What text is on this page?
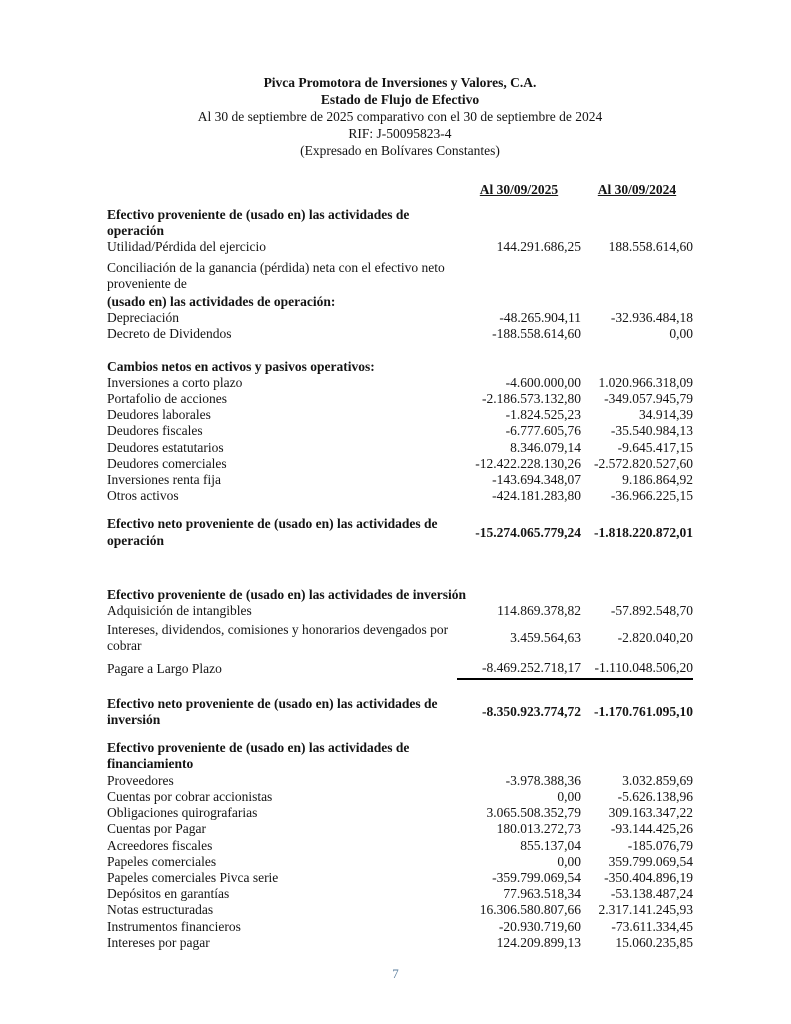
Pivca Promotora de Inversiones y Valores, C.A.
Estado de Flujo de Efectivo
Al 30 de septiembre de 2025 comparativo con el 30 de septiembre de 2024
RIF: J-50095823-4
(Expresado en Bolívares Constantes)
Al 30/09/2025	Al 30/09/2024
Efectivo proveniente de (usado en) las actividades de
operación
Utilidad/Pérdida del ejercicio	144.291.686,25	188.558.614,60
Conciliación de la ganancia (pérdida) neta con el efectivo neto
proveniente de
(usado en) las actividades de operación:
Depreciación	-48.265.904,11	-32.936.484,18
Decreto de Dividendos	-188.558.614,60	0,00
Cambios netos en activos y pasivos operativos:
Inversiones a corto plazo	-4.600.000,00	1.020.966.318,09
Portafolio de acciones	-2.186.573.132,80	-349.057.945,79
Deudores laborales	-1.824.525,23	34.914,39
Deudores fiscales	-6.777.605,76	-35.540.984,13
Deudores estatutarios	8.346.079,14	-9.645.417,15
Deudores comerciales	-12.422.228.130,26 -2.572.820.527,60
Inversiones renta fija	-143.694.348,07	9.186.864,92
Otros activos	-424.181.283,80	-36.966.225,15
Efectivo neto proveniente de (usado en) las actividades de
operación
-15.274.065.779,24 -1.818.220.872,01
Efectivo proveniente de (usado en) las actividades de inversión
Adquisición de intangibles	114.869.378,82	-57.892.548,70
Intereses, dividendos, comisiones y honorarios devengados por
cobrar
3.459.564,63	-2.820.040,20
Pagare a Largo Plazo	-8.469.252.718,17	-1.110.048.506,20
Efectivo neto proveniente de (usado en) las actividades de
inversión
-8.350.923.774,72 -1.170.761.095,10
Efectivo proveniente de (usado en) las actividades de
financiamiento
Proveedores	-3.978.388,36	3.032.859,69
Cuentas por cobrar accionistas	0,00	-5.626.138,96
Obligaciones quirografarias	3.065.508.352,79	309.163.347,22
Cuentas por Pagar	180.013.272,73	-93.144.425,26
Acreedores fiscales	855.137,04	-185.076,79
Papeles comerciales	0,00	359.799.069,54
Papeles comerciales Pivca serie	-359.799.069,54	-350.404.896,19
Depósitos en garantías	77.963.518,34	-53.138.487,24
Notas estructuradas	16.306.580.807,66	2.317.141.245,93
Instrumentos financieros	-20.930.719,60	-73.611.334,45
Intereses por pagar	124.209.899,13	15.060.235,85
7
